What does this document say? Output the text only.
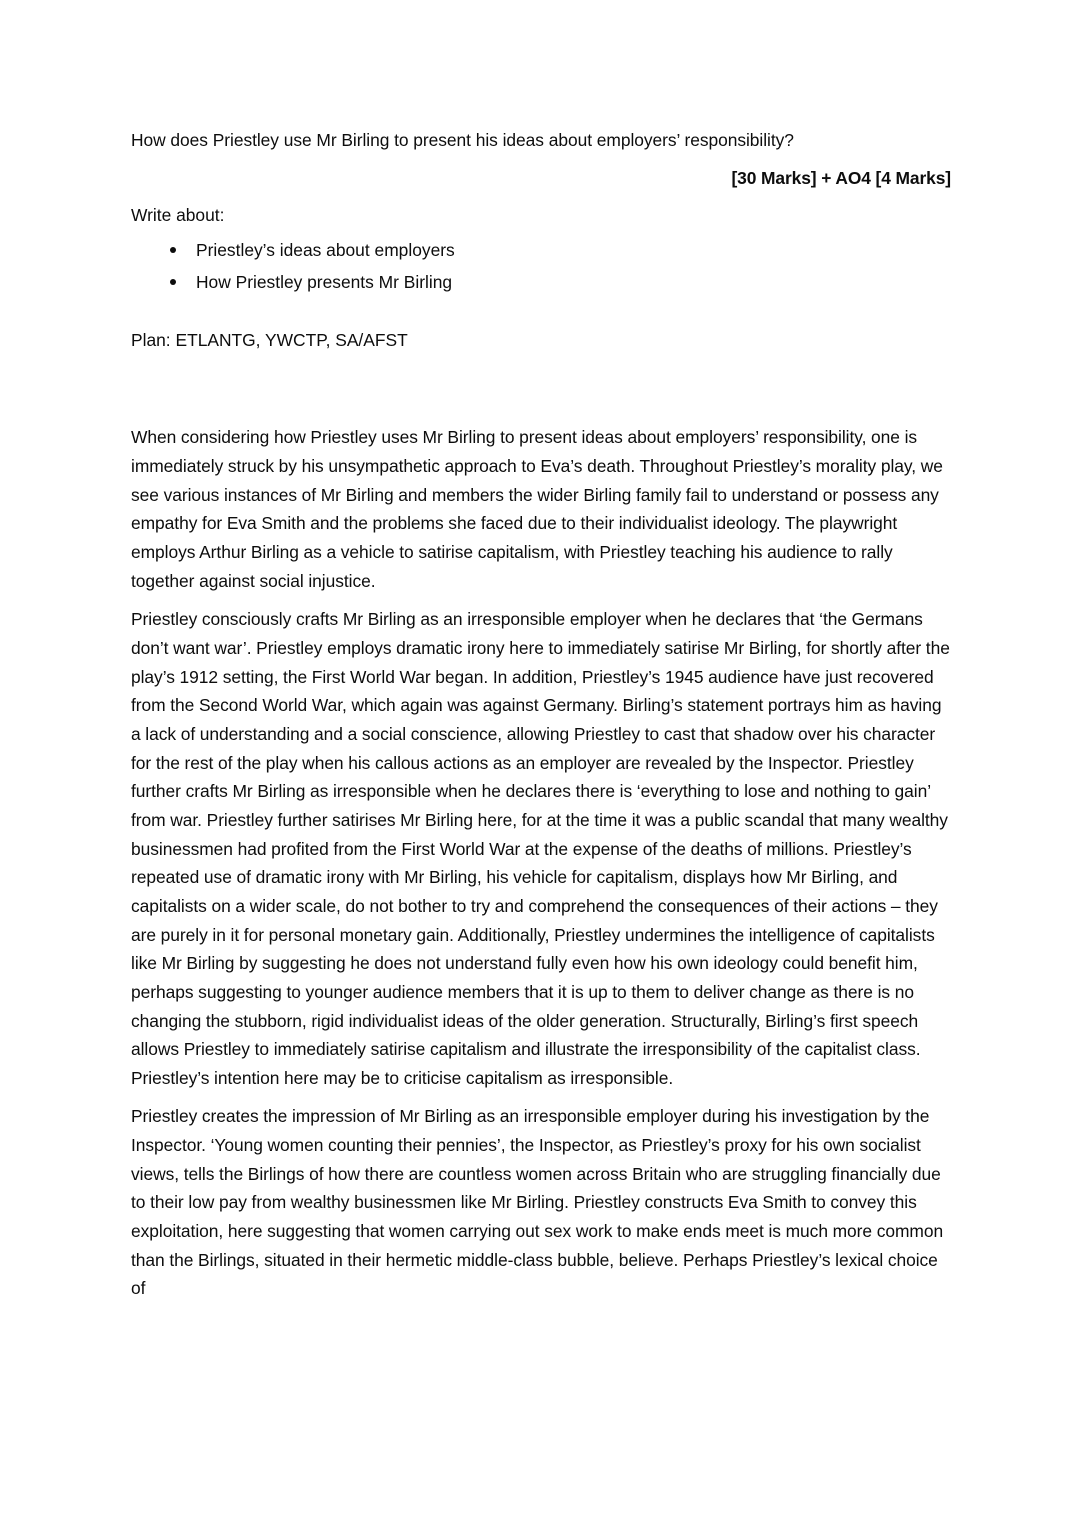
How does Priestley use Mr Birling to present his ideas about employers’ responsibility?
[30 Marks] + AO4 [4 Marks]
Write about:
Priestley’s ideas about employers
How Priestley presents Mr Birling
Plan: ETLANTG, YWCTP, SA/AFST

When considering how Priestley uses Mr Birling to present ideas about employers’ responsibility, one is immediately struck by his unsympathetic approach to Eva’s death. Throughout Priestley’s morality play, we see various instances of Mr Birling and members the wider Birling family fail to understand or possess any empathy for Eva Smith and the problems she faced due to their individualist ideology. The playwright employs Arthur Birling as a vehicle to satirise capitalism, with Priestley teaching his audience to rally together against social injustice.

Priestley consciously crafts Mr Birling as an irresponsible employer when he declares that ‘the Germans don’t want war’. Priestley employs dramatic irony here to immediately satirise Mr Birling, for shortly after the play’s 1912 setting, the First World War began. In addition, Priestley’s 1945 audience have just recovered from the Second World War, which again was against Germany. Birling’s statement portrays him as having a lack of understanding and a social conscience, allowing Priestley to cast that shadow over his character for the rest of the play when his callous actions as an employer are revealed by the Inspector. Priestley further crafts Mr Birling as irresponsible when he declares there is ‘everything to lose and nothing to gain’ from war. Priestley further satirises Mr Birling here, for at the time it was a public scandal that many wealthy businessmen had profited from the First World War at the expense of the deaths of millions. Priestley’s repeated use of dramatic irony with Mr Birling, his vehicle for capitalism, displays how Mr Birling, and capitalists on a wider scale, do not bother to try and comprehend the consequences of their actions – they are purely in it for personal monetary gain. Additionally, Priestley undermines the intelligence of capitalists like Mr Birling by suggesting he does not understand fully even how his own ideology could benefit him, perhaps suggesting to younger audience members that it is up to them to deliver change as there is no changing the stubborn, rigid individualist ideas of the older generation. Structurally, Birling’s first speech allows Priestley to immediately satirise capitalism and illustrate the irresponsibility of the capitalist class. Priestley’s intention here may be to criticise capitalism as irresponsible.

Priestley creates the impression of Mr Birling as an irresponsible employer during his investigation by the Inspector. ‘Young women counting their pennies’, the Inspector, as Priestley’s proxy for his own socialist views, tells the Birlings of how there are countless women across Britain who are struggling financially due to their low pay from wealthy businessmen like Mr Birling. Priestley constructs Eva Smith to convey this exploitation, here suggesting that women carrying out sex work to make ends meet is much more common than the Birlings, situated in their hermetic middle-class bubble, believe. Perhaps Priestley’s lexical choice of
